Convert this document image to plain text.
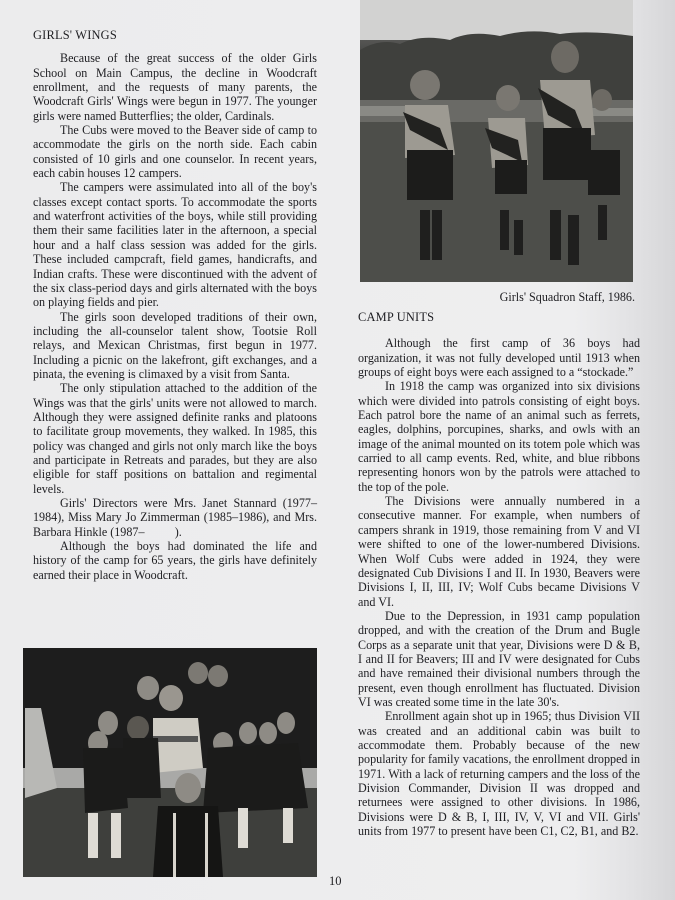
Girls' Squadron Staff, 1986.
GIRLS' WINGS

Because of the great success of the older Girls School on Main Campus, the decline in Woodcraft enrollment, and the requests of many parents, the Woodcraft Girls' Wings were begun in 1977. The younger girls were named Butterflies; the older, Cardinals.

The Cubs were moved to the Beaver side of camp to accommodate the girls on the north side. Each cabin consisted of 10 girls and one counselor. In recent years, each cabin houses 12 campers.

The campers were assimulated into all of the boy's classes except contact sports. To accommodate the sports and waterfront activities of the boys, while still providing them their same facilities later in the afternoon, a special hour and a half class session was added for the girls. These included campcraft, field games, handicrafts, and Indian crafts. These were discontinued with the advent of the six class-period days and girls alternated with the boys on playing fields and pier.

The girls soon developed traditions of their own, including the all-counselor talent show, Tootsie Roll relays, and Mexican Christmas, first begun in 1977. Including a picnic on the lakefront, gift exchanges, and a pinata, the evening is climaxed by a visit from Santa.

The only stipulation attached to the addition of the Wings was that the girls' units were not allowed to march. Although they were assigned definite ranks and platoons to facilitate group movements, they walked. In 1985, this policy was changed and girls not only march like the boys and participate in Retreats and parades, but they are also eligible for staff positions on battalion and regimental levels.

Girls' Directors were Mrs. Janet Stannard (1977–1984), Miss Mary Jo Zimmerman (1985–1986), and Mrs. Barbara Hinkle (1987–          ).

Although the boys had dominated the life and history of the camp for 65 years, the girls have definitely earned their place in Woodcraft.

CAMP UNITS

Although the first camp of 36 boys had organization, it was not fully developed until 1913 when groups of eight boys were each assigned to a “stockade.”

In 1918 the camp was organized into six divisions which were divided into patrols consisting of eight boys. Each patrol bore the name of an animal such as ferrets, eagles, dolphins, porcupines, sharks, and owls with an image of the animal mounted on its totem pole which was carried to all camp events. Red, white, and blue ribbons representing honors won by the patrols were attached to the top of the pole.

The Divisions were annually numbered in a consecutive manner. For example, when numbers of campers shrank in 1919, those remaining from V and VI were shifted to one of the lower-numbered Divisions. When Wolf Cubs were added in 1924, they were designated Cub Divisions I and II. In 1930, Beavers were Divisions I, II, III, IV; Wolf Cubs became Divisions V and VI.

Due to the Depression, in 1931 camp population dropped, and with the creation of the Drum and Bugle Corps as a separate unit that year, Divisions were D & B, I and II for Beavers; III and IV were designated for Cubs and have remained their divisional numbers through the present, even though enrollment has fluctuated. Division VI was created some time in the late 30's.

Enrollment again shot up in 1965; thus Division VII was created and an additional cabin was built to accommodate them. Probably because of the new popularity for family vacations, the enrollment dropped in 1971. With a lack of returning campers and the loss of the Division Commander, Division II was dropped and returnees were assigned to other divisions. In 1986, Divisions were D & B, I, III, IV, V, VI and VII. Girls' units from 1977 to present have been C1, C2, B1, and B2.

10
